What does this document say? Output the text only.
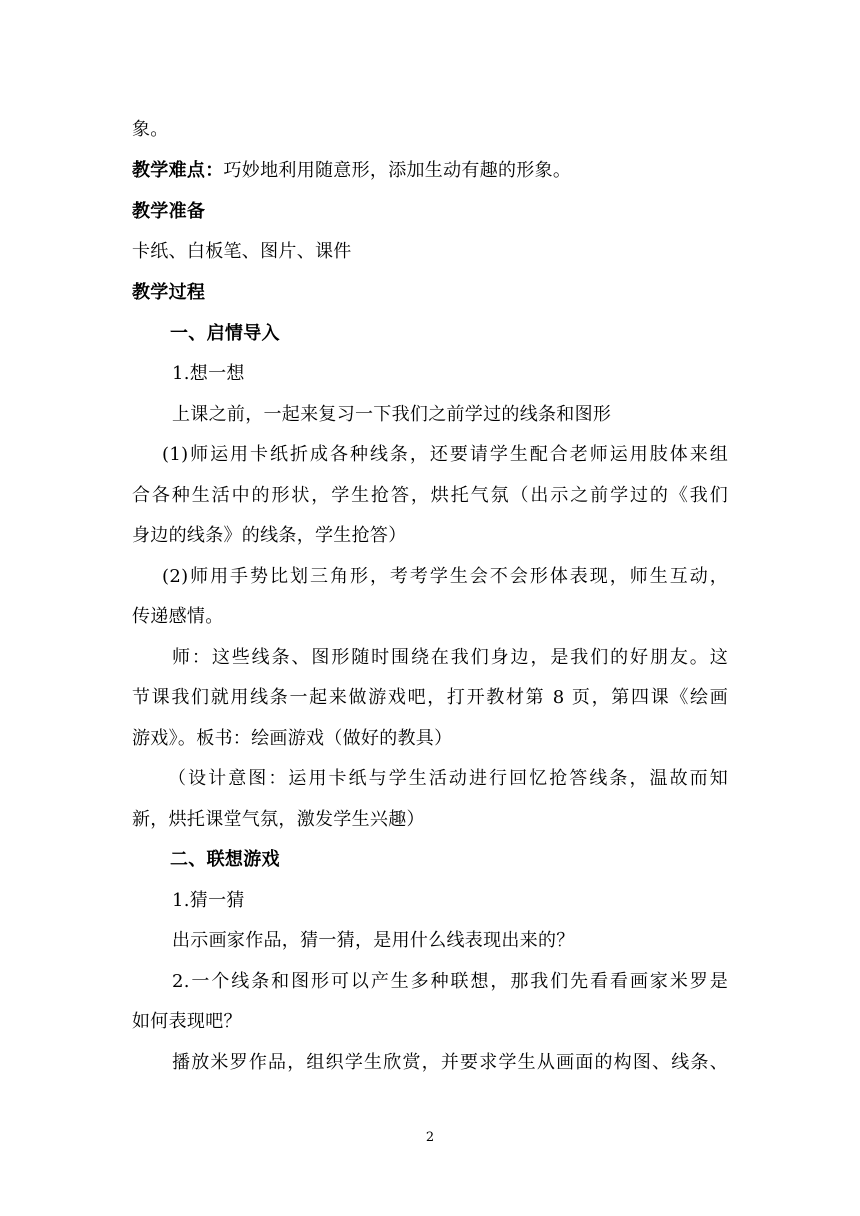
象。
教学难点：巧妙地利用随意形，添加生动有趣的形象。
教学准备
卡纸、白板笔、图片、课件
教学过程
一、启情导入
1.想一想
上课之前，一起来复习一下我们之前学过的线条和图形
(1)师运用卡纸折成各种线条，还要请学生配合老师运用肢体来组
合各种生活中的形状，学生抢答，烘托气氛（出示之前学过的《我们
身边的线条》的线条，学生抢答）
(2)师用手势比划三角形，考考学生会不会形体表现，师生互动，
传递感情。
师：这些线条、图形随时围绕在我们身边，是我们的好朋友。这
节课我们就用线条一起来做游戏吧，打开教材第 8 页，第四课《绘画
游戏》。板书：绘画游戏（做好的教具）
（设计意图：运用卡纸与学生活动进行回忆抢答线条，温故而知
新，烘托课堂气氛，激发学生兴趣）
二、联想游戏
1.猜一猜
出示画家作品，猜一猜，是用什么线表现出来的？
2.一个线条和图形可以产生多种联想，那我们先看看画家米罗是
如何表现吧？
播放米罗作品，组织学生欣赏，并要求学生从画面的构图、线条、
2
